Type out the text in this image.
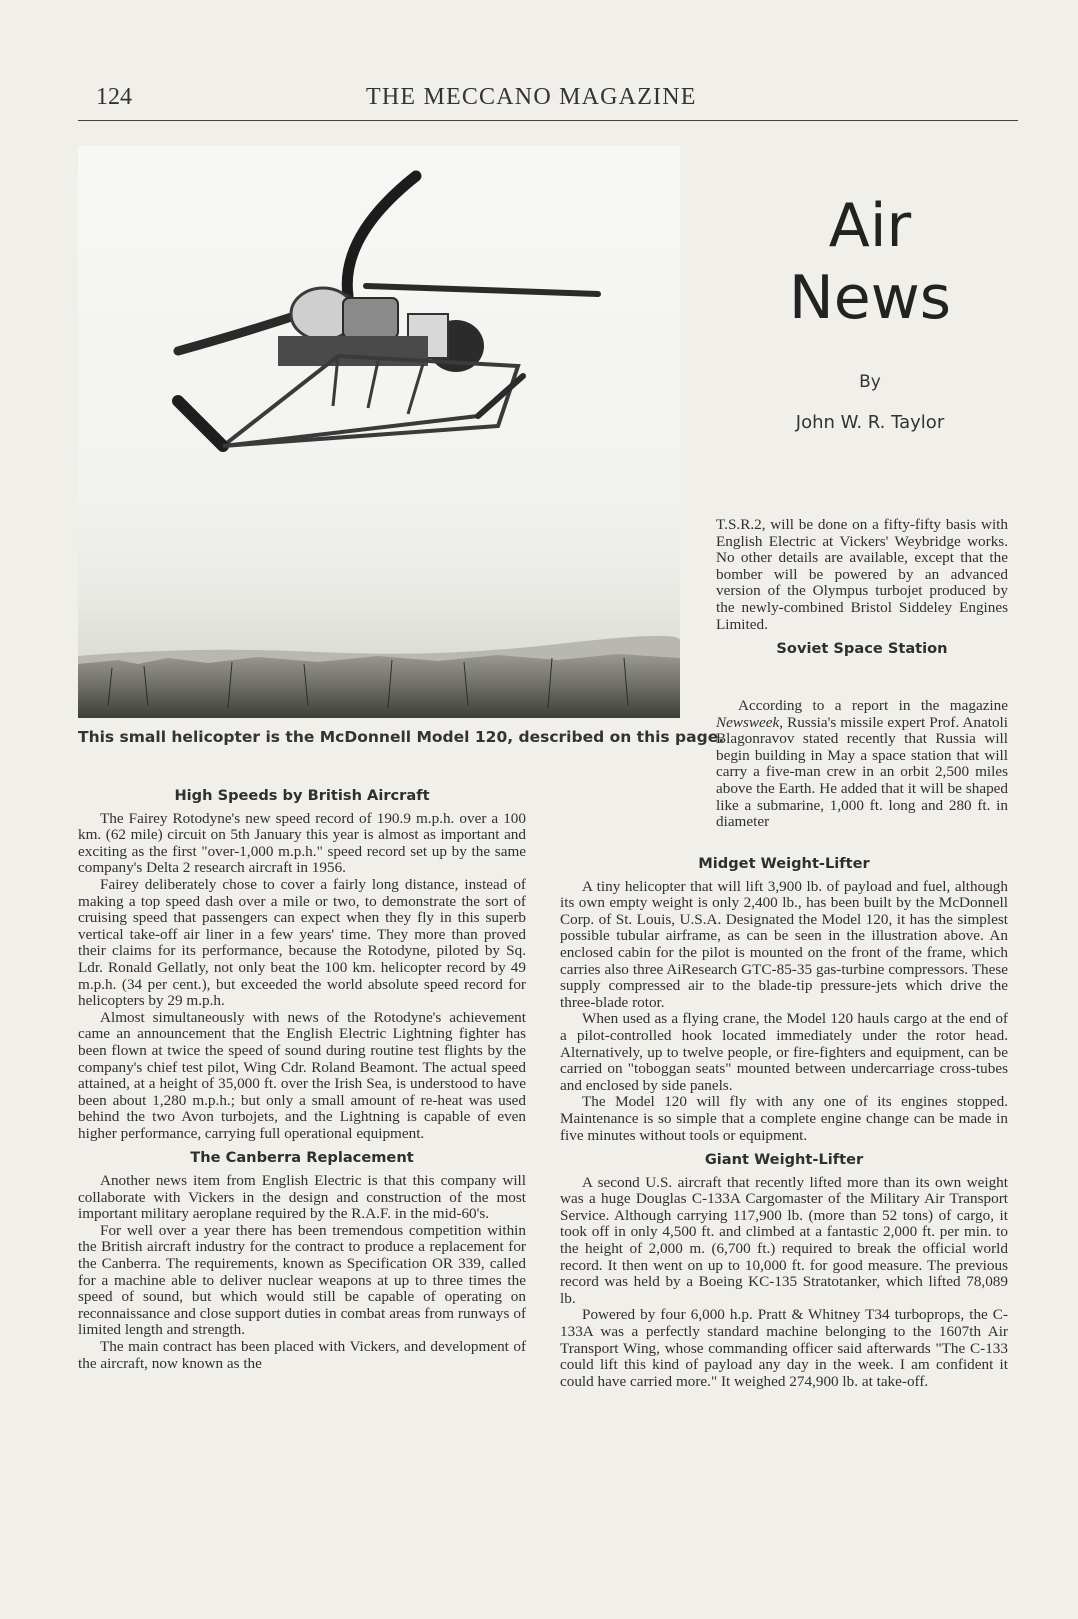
124	THE MECCANO MAGAZINE
This small helicopter is the McDonnell Model 120, described on this page.
Air
News
By
John W. R. Taylor

T.S.R.2, will be done on a fifty-fifty basis with English Electric at Vickers' Weybridge works. No other details are available, except that the bomber will be powered by an advanced version of the Olympus turbojet produced by the newly-combined Bristol Siddeley Engines Limited.

Soviet Space Station

According to a report in the magazine Newsweek, Russia's missile expert Prof. Anatoli Blagonravov stated recently that Russia will begin building in May a space station that will carry a five-man crew in an orbit 2,500 miles above the Earth. He added that it will be shaped like a submarine, 1,000 ft. long and 280 ft. in diameter

High Speeds by British Aircraft

The Fairey Rotodyne's new speed record of 190.9 m.p.h. over a 100 km. (62 mile) circuit on 5th January this year is almost as important and exciting as the first "over-1,000 m.p.h." speed record set up by the same company's Delta 2 research aircraft in 1956.

Fairey deliberately chose to cover a fairly long distance, instead of making a top speed dash over a mile or two, to demonstrate the sort of cruising speed that passengers can expect when they fly in this superb vertical take-off air liner in a few years' time. They more than proved their claims for its performance, because the Rotodyne, piloted by Sq. Ldr. Ronald Gellatly, not only beat the 100 km. helicopter record by 49 m.p.h. (34 per cent.), but exceeded the world absolute speed record for helicopters by 29 m.p.h.

Almost simultaneously with news of the Rotodyne's achievement came an announcement that the English Electric Lightning fighter has been flown at twice the speed of sound during routine test flights by the company's chief test pilot, Wing Cdr. Roland Beamont. The actual speed attained, at a height of 35,000 ft. over the Irish Sea, is understood to have been about 1,280 m.p.h.; but only a small amount of re-heat was used behind the two Avon turbojets, and the Lightning is capable of even higher performance, carrying full operational equipment.

The Canberra Replacement

Another news item from English Electric is that this company will collaborate with Vickers in the design and construction of the most important military aeroplane required by the R.A.F. in the mid-60's.

For well over a year there has been tremendous competition within the British aircraft industry for the contract to produce a replacement for the Canberra. The requirements, known as Specification OR 339, called for a machine able to deliver nuclear weapons at up to three times the speed of sound, but which would still be capable of operating on reconnaissance and close support duties in combat areas from runways of limited length and strength.

The main contract has been placed with Vickers, and development of the aircraft, now known as the

Midget Weight-Lifter

A tiny helicopter that will lift 3,900 lb. of payload and fuel, although its own empty weight is only 2,400 lb., has been built by the McDonnell Corp. of St. Louis, U.S.A. Designated the Model 120, it has the simplest possible tubular airframe, as can be seen in the illustration above. An enclosed cabin for the pilot is mounted on the front of the frame, which carries also three AiResearch GTC-85-35 gas-turbine compressors. These supply compressed air to the blade-tip pressure-jets which drive the three-blade rotor.

When used as a flying crane, the Model 120 hauls cargo at the end of a pilot-controlled hook located immediately under the rotor head. Alternatively, up to twelve people, or fire-fighters and equipment, can be carried on "toboggan seats" mounted between undercarriage cross-tubes and enclosed by side panels.

The Model 120 will fly with any one of its engines stopped. Maintenance is so simple that a complete engine change can be made in five minutes without tools or equipment.

Giant Weight-Lifter

A second U.S. aircraft that recently lifted more than its own weight was a huge Douglas C-133A Cargomaster of the Military Air Transport Service. Although carrying 117,900 lb. (more than 52 tons) of cargo, it took off in only 4,500 ft. and climbed at a fantastic 2,000 ft. per min. to the height of 2,000 m. (6,700 ft.) required to break the official world record. It then went on up to 10,000 ft. for good measure. The previous record was held by a Boeing KC-135 Stratotanker, which lifted 78,089 lb.

Powered by four 6,000 h.p. Pratt & Whitney T34 turboprops, the C-133A was a perfectly standard machine belonging to the 1607th Air Transport Wing, whose commanding officer said afterwards "The C-133 could lift this kind of payload any day in the week. I am confident it could have carried more." It weighed 274,900 lb. at take-off.
